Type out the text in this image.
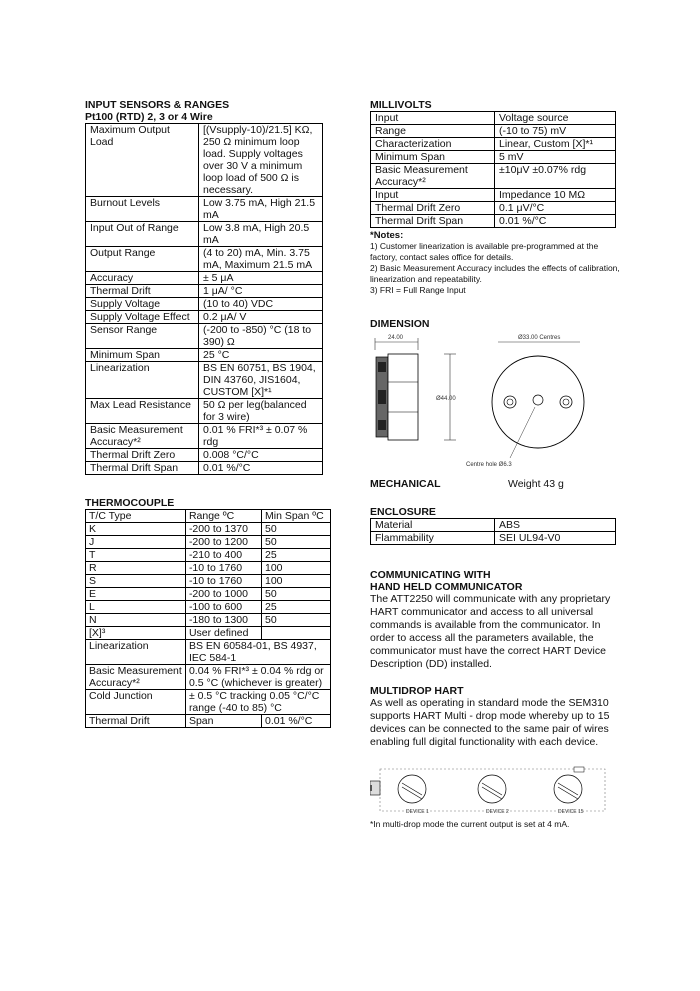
INPUT SENSORS & RANGES
Pt100 (RTD) 2, 3 or 4 Wire
Maximum Output Load	[(Vsupply-10)/21.5] KΩ, 250 Ω minimum loop load. Supply voltages over 30 V a minimum loop load of 500 Ω is necessary.
Burnout Levels	Low 3.75 mA, High 21.5 mA
Input Out of Range	Low 3.8 mA, High 20.5 mA
Output Range	(4 to 20) mA, Min. 3.75 mA, Maximum 21.5 mA
Accuracy	± 5 μA
Thermal Drift	1 μA/ °C
Supply Voltage	(10 to 40) VDC
Supply Voltage Effect	0.2 μA/ V
Sensor Range	(-200 to -850) °C (18 to 390) Ω
Minimum Span	25 °C
Linearization	BS EN 60751, BS 1904, DIN 43760, JIS1604, CUSTOM [X]*¹
Max Lead Resistance	50 Ω per leg(balanced for 3 wire)
Basic Measurement Accuracy*²	0.01 % FRI*³ ± 0.07 % rdg
Thermal Drift Zero	0.008 °C/°C
Thermal Drift Span	0.01 %/°C
THERMOCOUPLE
T/C Type	Range ºC	Min Span ºC
K	-200 to 1370	50
J	-200 to 1200	50
T	-210 to 400	25
R	-10 to 1760	100
S	-10 to 1760	100
E	-200 to 1000	50
L	-100 to 600	25
N	-180 to 1300	50
[X]³	User defined	
Linearization	BS EN 60584-01, BS 4937, IEC 584-1	
Basic Measurement Accuracy*²	0.04 % FRI*³ ± 0.04 % rdg or 0.5 °C (whichever is greater)	
Cold Junction	± 0.5 °C tracking 0.05 °C/°C range (-40 to 85) °C	
Thermal Drift	Span	0.01 %/°C
MILLIVOLTS
Input	Voltage source
Range	(-10 to 75) mV
Characterization	Linear, Custom [X]*¹
Minimum Span	5 mV
Basic Measurement Accuracy*²	±10μV ±0.07% rdg
Input	Impedance 10 MΩ
Thermal Drift Zero	0.1 μV/°C
Thermal Drift Span	0.01 %/°C
*Notes:
1) Customer linearization is available pre-programmed at the factory, contact sales office for details.
2) Basic Measurement Accuracy includes the effects of calibration, linearization and repeatability.
3) FRI = Full Range Input
DIMENSION
24.00
Ø44.00
Ø33.00 Centres
Centre hole Ø6.3
MECHANICAL	Weight 43 g
ENCLOSURE
Material	ABS
Flammability	SEI UL94-V0
COMMUNICATING WITH
HAND HELD COMMUNICATOR

The ATT2250 will communicate with any proprietary HART communicator and access to all universal commands is available from the communicator. In order to access all the parameters available, the communicator must have the correct HART Device Description (DD) installed.

MULTIDROP HART

As well as operating in standard mode the SEM310 supports HART Multi - drop mode whereby up to 15 devices can be connected to the same pair of wires enabling full digital functionality with each device.

DEVICE 1	DEVICE 2	DEVICE 15
*In multi-drop mode the current output is set at 4 mA.
